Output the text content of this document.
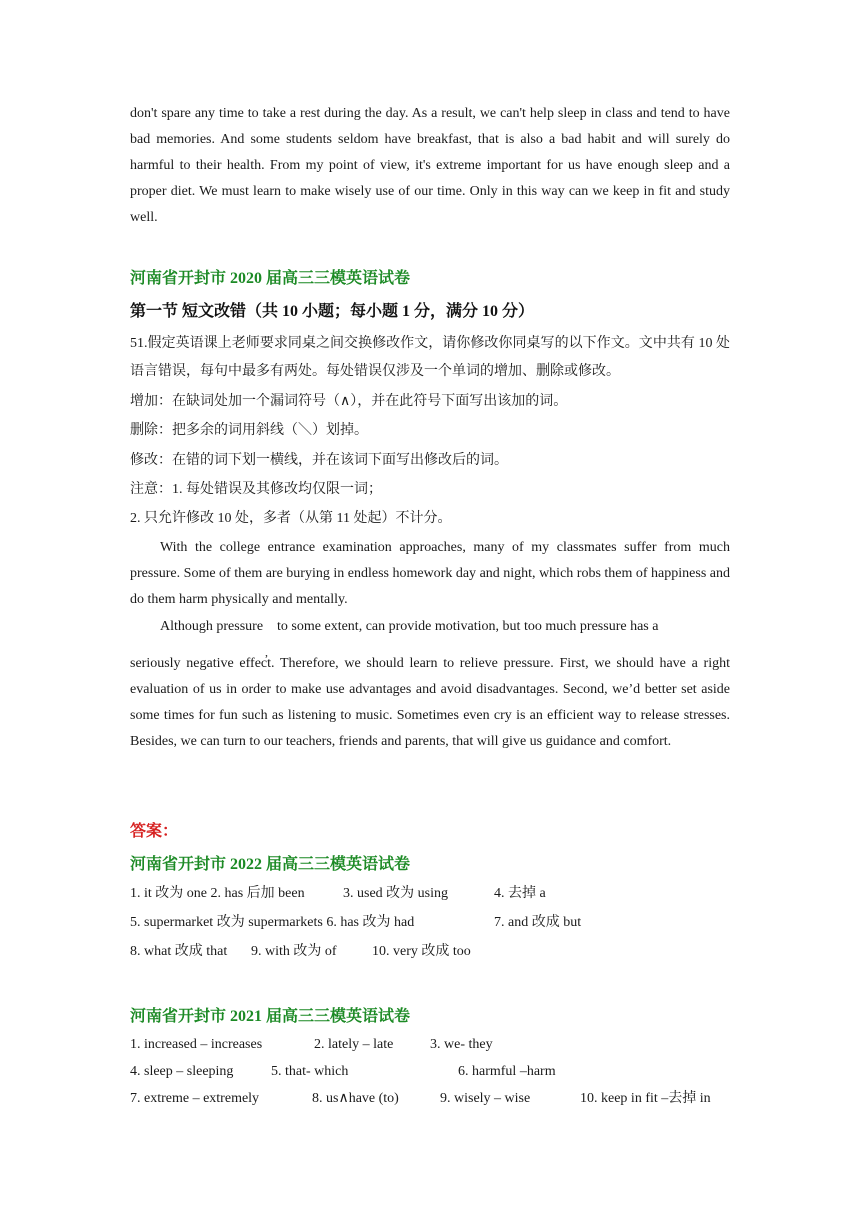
don't spare any time to take a rest during the day. As a result, we can't help sleep in class and tend to have bad memories. And some students seldom have breakfast, that is also a bad habit and will surely do harmful to their health. From my point of view, it's extreme important for us have enough sleep and a proper diet. We must learn to make wisely use of our time. Only in this way can we keep in fit and study well.

河南省开封市 2020 届高三三模英语试卷

第一节 短文改错（共 10 小题；每小题 1 分，满分 10 分）

51.假定英语课上老师要求同桌之间交换修改作文，请你修改你同桌写的以下作文。文中共有 10 处语言错误，每句中最多有两处。每处错误仅涉及一个单词的增加、删除或修改。

增加：在缺词处加一个漏词符号（∧），并在此符号下面写出该加的词。

删除：把多余的词用斜线（＼）划掉。

修改：在错的词下划一横线，并在该词下面写出修改后的词。

注意：1. 每处错误及其修改均仅限一词；

2. 只允许修改 10 处，多者（从第 11 处起）不计分。

With the college entrance examination approaches, many of my classmates suffer from much pressure. Some of them are burying in endless homework day and night, which robs them of happiness and do them harm physically and mentally.

Although pressure
,
to some extent, can provide motivation, but too much pressure has a

seriously negative effect. Therefore, we should learn to relieve pressure. First, we should have a right evaluation of us in order to make use advantages and avoid disadvantages. Second, we’d better set aside some times for fun such as listening to music. Sometimes even cry is an efficient way to release stresses. Besides, we can turn to our teachers, friends and parents, that will give us guidance and comfort.

答案：

河南省开封市 2022 届高三三模英语试卷

1. it 改为 one 2. has 后加 been	3. used 改为 using	4. 去掉 a
5. supermarket 改为 supermarkets 6. has 改为 had	7. and 改成 but
8. what 改成 that 9. with 改为 of	10. very 改成 too

河南省开封市 2021 届高三三模英语试卷

1. increased – increases	2. lately – late	3. we- they
4. sleep – sleeping	5. that- which	6. harmful –harm
7. extreme – extremely	8. us∧have (to)	9. wisely – wise	10. keep in fit –去掉 in
